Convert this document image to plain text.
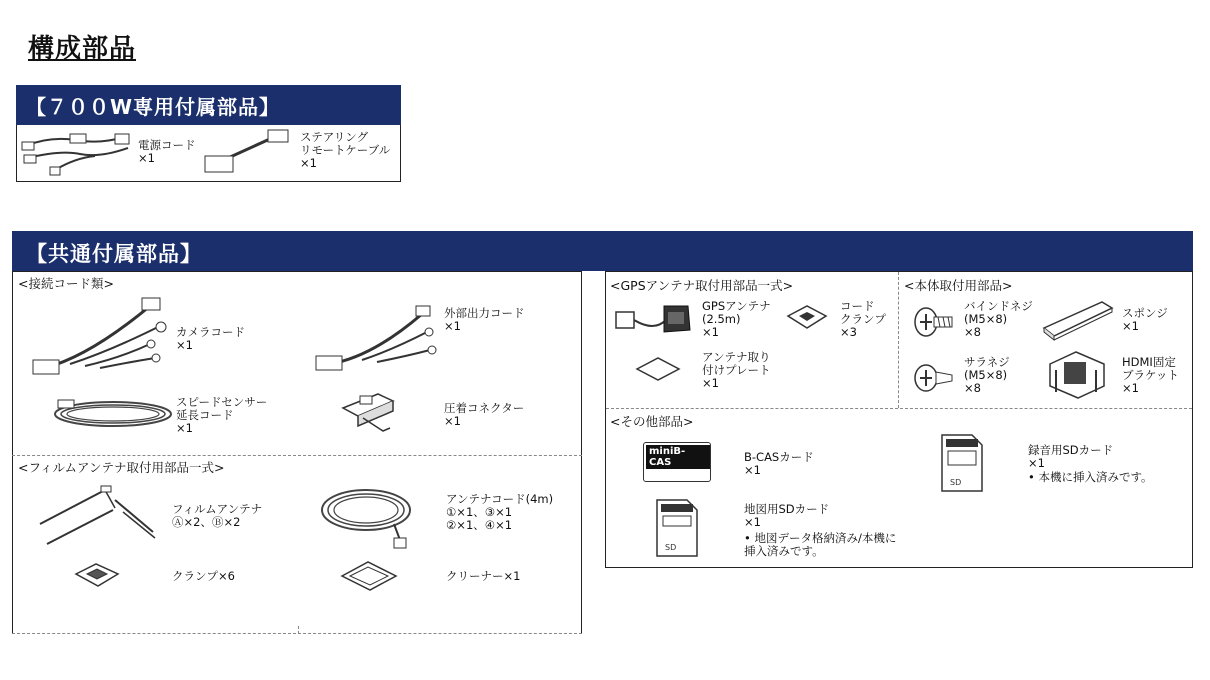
構成部品
【７００W専用付属部品】
電源コード
×1
ステアリング
リモートケーブル
×1
【共通付属部品】
<接続コード類>
カメラコード
×1
外部出力コード
×1
スピードセンサー
延長コード
×1
圧着コネクター
×1
<フィルムアンテナ取付用部品一式>
フィルムアンテナ
Ⓐ×2、Ⓑ×2
アンテナコード(4m)
①×1、③×1
②×1、④×1
クランプ×6	クリーナー×1
<GPSアンテナ取付用部品一式>
GPSアンテナ
(2.5m)
×1
コード
クランプ
×3
アンテナ取り
付けプレート
×1
<本体取付用部品>
バインドネジ
(M5×8)
×8
スポンジ
×1
サラネジ
(M5×8)
×8
HDMI固定
ブラケット
×1
<その他部品>
miniB-CAS	B-CASカード
×1
SD
地図用SDカード
×1
• 地図データ格納済み/本機に
挿入済みです。
SD
録音用SDカード
×1
• 本機に挿入済みです。
